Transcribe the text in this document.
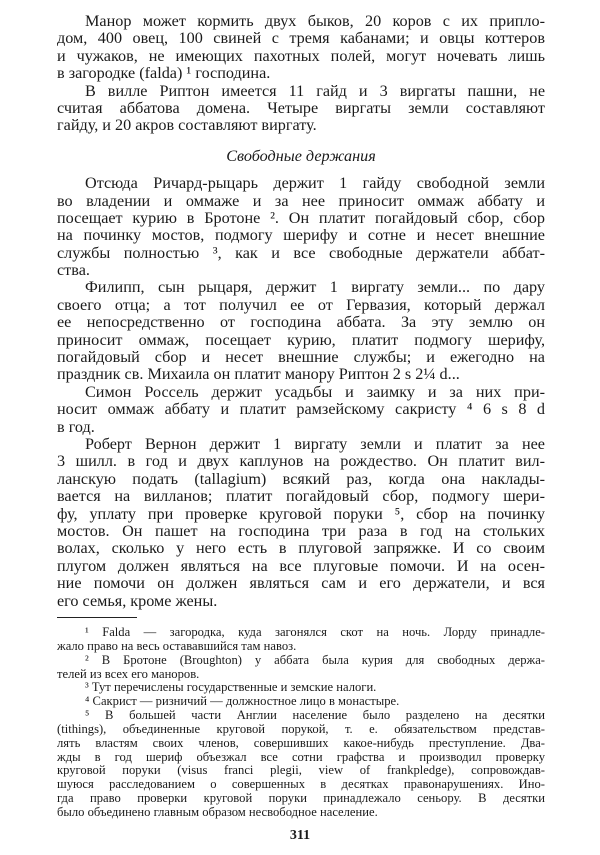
Манор может кормить двух быков, 20 коров с их припло-
дом, 400 овец, 100 свиней с тремя кабанами; и овцы коттеров
и чужаков, не имеющих пахотных полей, могут ночевать лишь
в загородке (falda) ¹ господина.
В вилле Риптон имеется 11 гайд и 3 виргаты пашни, не
считая аббатова домена. Четыре виргаты земли составляют
гайду, и 20 акров составляют виргату.
Свободные держания
Отсюда Ричард-рыцарь держит 1 гайду свободной земли
во владении и оммаже и за нее приносит оммаж аббату и
посещает курию в Бротоне ². Он платит погайдовый сбор, сбор
на починку мостов, подмогу шерифу и сотне и несет внешние
службы полностью ³, как и все свободные держатели аббат-
ства.
Филипп, сын рыцаря, держит 1 виргату земли... по дару
своего отца; а тот получил ее от Гервазия, который держал
ее непосредственно от господина аббата. За эту землю он
приносит оммаж, посещает курию, платит подмогу шерифу,
погайдовый сбор и несет внешние службы; и ежегодно на
праздник св. Михаила он платит манору Риптон 2 s 2¼ d...
Симон Россель держит усадьбы и заимку и за них при-
носит оммаж аббату и платит рамзейскому сакристу ⁴ 6 s 8 d
в год.
Роберт Вернон держит 1 виргату земли и платит за нее
3 шилл. в год и двух каплунов на рождество. Он платит вил-
ланскую подать (tallagium) всякий раз, когда она наклады-
вается на вилланов; платит погайдовый сбор, подмогу шери-
фу, уплату при проверке круговой поруки ⁵, сбор на починку
мостов. Он пашет на господина три раза в год на стольких
волах, сколько у него есть в плуговой запряжке. И со своим
плугом должен являться на все плуговые помочи. И на осен-
ние помочи он должен являться сам и его держатели, и вся
его семья, кроме жены.
¹ Falda — загородка, куда загонялся скот на ночь. Лорду принадле-
жало право на весь остававшийся там навоз.
² В Бротоне (Broughton) у аббата была курия для свободных держа-
телей из всех его маноров.
³ Тут перечислены государственные и земские налоги.
⁴ Сакрист — ризничий — должностное лицо в монастыре.
⁵ В большей части Англии население было разделено на десятки
(tithings), объединенные круговой порукой, т. е. обязательством представ-
лять властям своих членов, совершивших какое-нибудь преступление. Два-
жды в год шериф объезжал все сотни графства и производил проверку
круговой поруки (visus franci plegii, view of frankpledge), сопровождав-
шуюся расследованием о совершенных в десятках правонарушениях. Ино-
гда право проверки круговой поруки принадлежало сеньору. В десятки
было объединено главным образом несвободное население.
311
